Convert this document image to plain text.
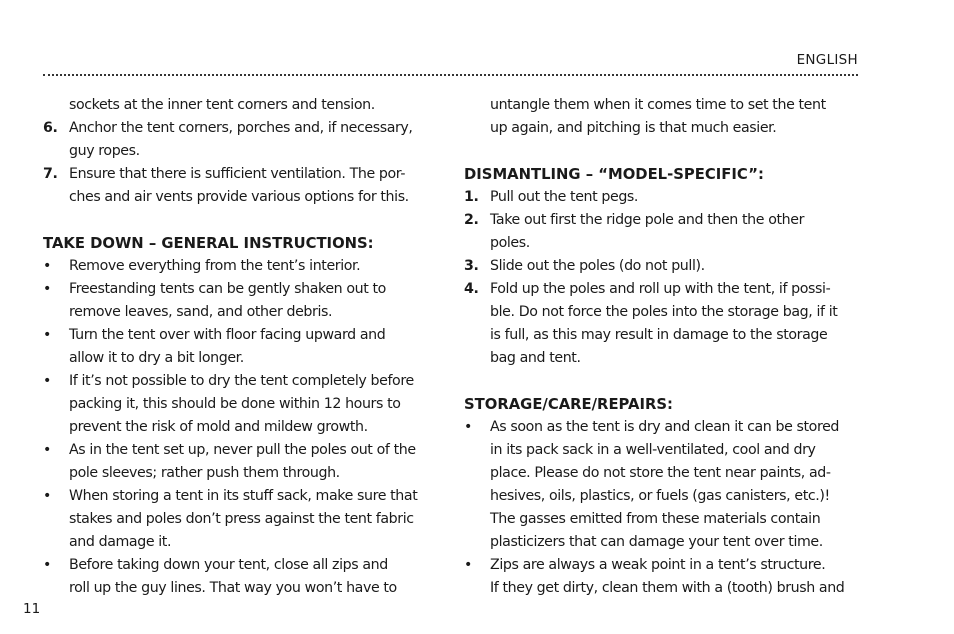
ENGLISH
sockets at the inner tent corners and tension.
6. Anchor the tent corners, porches and, if necessary,
guy ropes.
7. Ensure that there is sufficient ventilation. The por-
ches and air vents provide various options for this.
TAKE DOWN – GENERAL INSTRUCTIONS:
• Remove everything from the tent’s interior.
• Freestanding tents can be gently shaken out to
remove leaves, sand, and other debris.
• Turn the tent over with floor facing upward and
allow it to dry a bit longer.
• If it’s not possible to dry the tent completely before
packing it, this should be done within 12 hours to
prevent the risk of mold and mildew growth.
• As in the tent set up, never pull the poles out of the
pole sleeves; rather push them through.
• When storing a tent in its stuff sack, make sure that
stakes and poles don’t press against the tent fabric
and damage it.
• Before taking down your tent, close all zips and
roll up the guy lines. That way you won’t have to
untangle them when it comes time to set the tent
up again, and pitching is that much easier.
DISMANTLING – “MODEL-SPECIFIC”:
1. Pull out the tent pegs.
2. Take out first the ridge pole and then the other
poles.
3. Slide out the poles (do not pull).
4. Fold up the poles and roll up with the tent, if possi-
ble. Do not force the poles into the storage bag, if it
is full, as this may result in damage to the storage
bag and tent.
STORAGE/CARE/REPAIRS:
• As soon as the tent is dry and clean it can be stored
in its pack sack in a well-ventilated, cool and dry
place. Please do not store the tent near paints, ad-
hesives, oils, plastics, or fuels (gas canisters, etc.)!
The gasses emitted from these materials contain
plasticizers that can damage your tent over time.
• Zips are always a weak point in a tent’s structure.
If they get dirty, clean them with a (tooth) brush and
11
